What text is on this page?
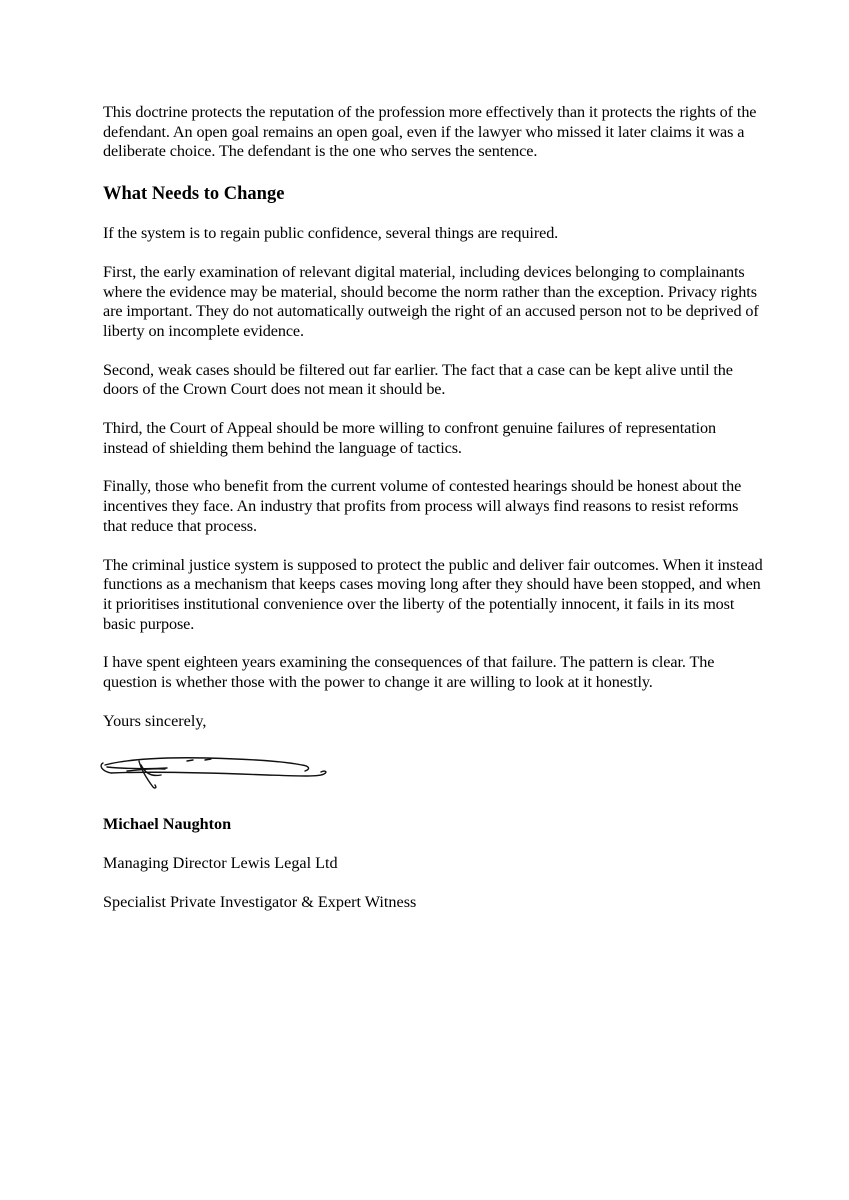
This doctrine protects the reputation of the profession more effectively than it protects the rights of the defendant. An open goal remains an open goal, even if the lawyer who missed it later claims it was a deliberate choice. The defendant is the one who serves the sentence.

What Needs to Change

If the system is to regain public confidence, several things are required.

First, the early examination of relevant digital material, including devices belonging to complainants where the evidence may be material, should become the norm rather than the exception. Privacy rights are important. They do not automatically outweigh the right of an accused person not to be deprived of liberty on incomplete evidence.

Second, weak cases should be filtered out far earlier. The fact that a case can be kept alive until the doors of the Crown Court does not mean it should be.

Third, the Court of Appeal should be more willing to confront genuine failures of representation instead of shielding them behind the language of tactics.

Finally, those who benefit from the current volume of contested hearings should be honest about the incentives they face. An industry that profits from process will always find reasons to resist reforms that reduce that process.

The criminal justice system is supposed to protect the public and deliver fair outcomes. When it instead functions as a mechanism that keeps cases moving long after they should have been stopped, and when it prioritises institutional convenience over the liberty of the potentially innocent, it fails in its most basic purpose.

I have spent eighteen years examining the consequences of that failure. The pattern is clear. The question is whether those with the power to change it are willing to look at it honestly.

Yours sincerely,

Michael Naughton

Managing Director Lewis Legal Ltd

Specialist Private Investigator & Expert Witness
